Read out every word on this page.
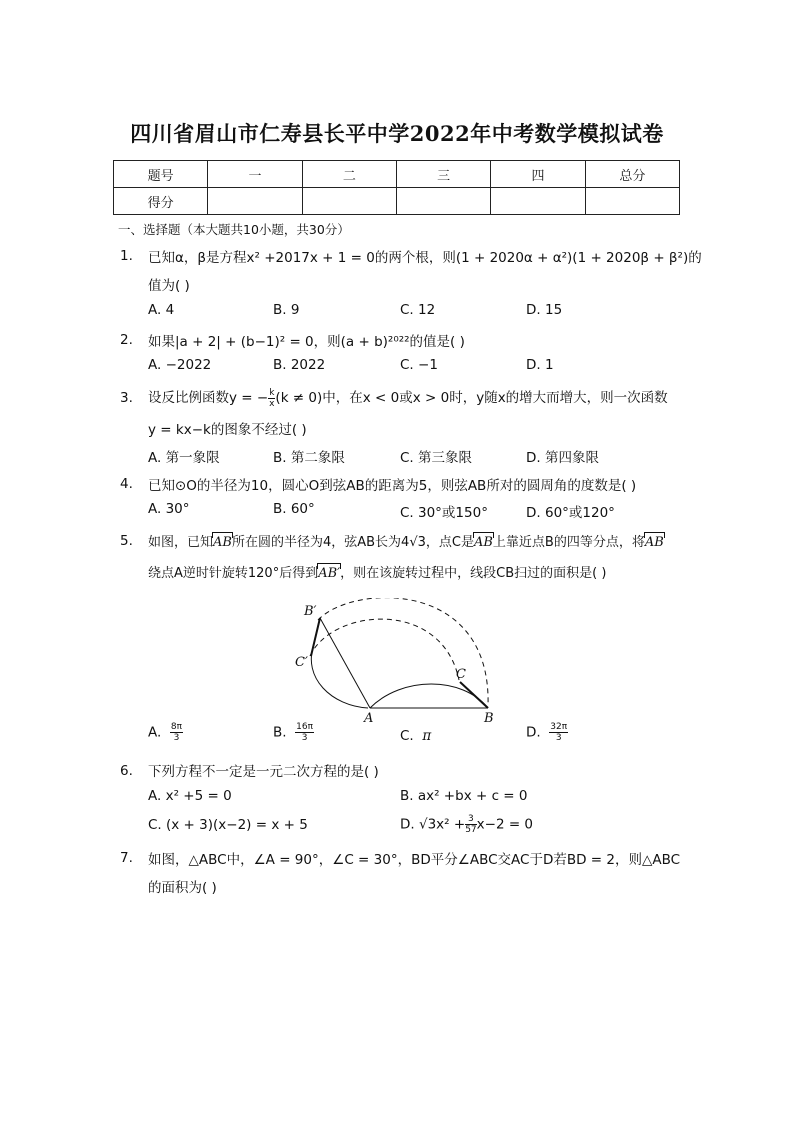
四川省眉山市仁寿县长平中学2022年中考数学模拟试卷
题号	一	二	三	四	总分
得分					
一、选择题（本大题共10小题，共30分）
1. 已知α，β是方程x² +2017x + 1 = 0的两个根，则(1 + 2020α + α²)(1 + 2020β + β²)的
值为( )
A. 4	B. 9	C. 12	D. 15
2. 如果|a + 2| + (b−1)² = 0，则(a + b)²⁰²²的值是( )
A. −2022	B. 2022	C. −1	D. 1
3. 设反比例函数y = − $\frac{k}{x} (k \ne 0)$中，在x < 0或x > 0时，y随x的增大而增大，则一次函数
y = kx−k的图象不经过( )
A. 第一象限	B. 第二象限	C. 第三象限	D. 第四象限
4. 已知⊙O的半径为10，圆心O到弦AB的距离为5，则弦AB所对的圆周角的度数是( )
A. 30°	B. 60°	C. 30°或150°	D. 60°或120°
5. 如图，已知AB所在圆的半径为4，弦AB长为4√3，点C是AB上靠近点B的四等分点，将AB
绕点A逆时针旋转120°后得到AB′，则在该旋转过程中，线段CB扫过的面积是( )
B′
C′
C
A	B
A. $\frac{8\pi}{3}$	B. $\frac{16\pi}{3}$	C. π	D. $\frac{32\pi}{3}$
6. 下列方程不一定是一元二次方程的是( )
A. x² +5 = 0	B. ax² +bx + c = 0
C. (x + 3)(x−2) = x + 5	D. $√3x^2 + \frac{3}{57} x-2 = 0$
7. 如图，△ABC中，∠A = 90°，∠C = 30°，BD平分∠ABC交AC于D若BD = 2，则△ABC
的面积为( )
